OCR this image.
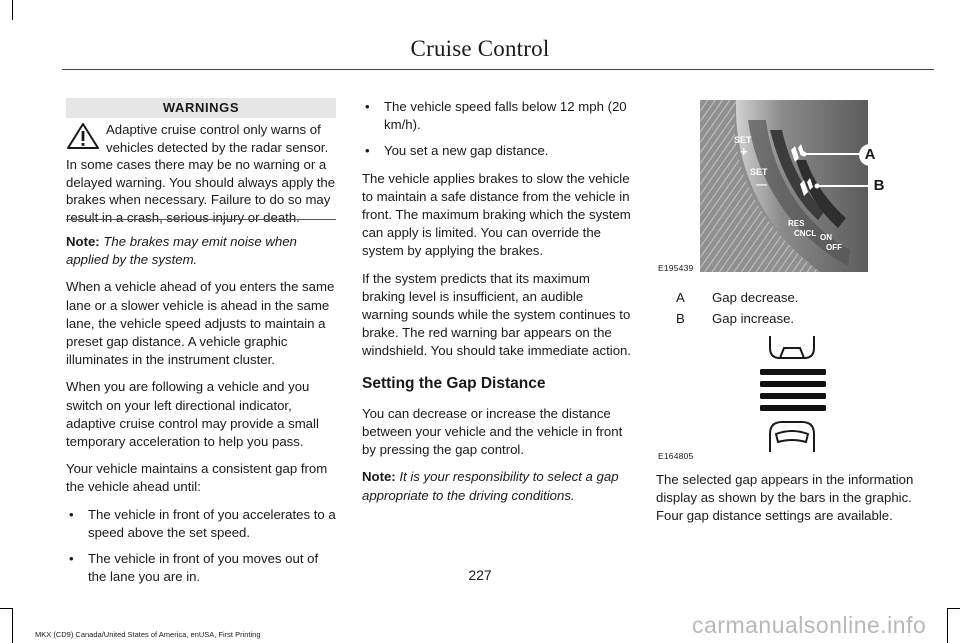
Cruise Control
WARNINGS
Adaptive cruise control only warns of vehicles detected by the radar sensor. In some cases there may be no warning or a delayed warning. You should always apply the brakes when necessary. Failure to do so may result in a crash, serious injury or death.

Note: The brakes may emit noise when applied by the system.

When a vehicle ahead of you enters the same lane or a slower vehicle is ahead in the same lane, the vehicle speed adjusts to maintain a preset gap distance. A vehicle graphic illuminates in the instrument cluster.

When you are following a vehicle and you switch on your left directional indicator, adaptive cruise control may provide a small temporary acceleration to help you pass.

Your vehicle maintains a consistent gap from the vehicle ahead until:

• The vehicle in front of you accelerates to a speed above the set speed.
• The vehicle in front of you moves out of the lane you are in.
• The vehicle speed falls below 12 mph (20 km/h).
• You set a new gap distance.

The vehicle applies brakes to slow the vehicle to maintain a safe distance from the vehicle in front. The maximum braking which the system can apply is limited. You can override the system by applying the brakes.

If the system predicts that its maximum braking level is insufficient, an audible warning sounds while the system continues to brake. The red warning bar appears on the windshield. You should take immediate action.

Setting the Gap Distance

You can decrease or increase the distance between your vehicle and the vehicle in front by pressing the gap control.

Note: It is your responsibility to select a gap appropriate to the driving conditions.

SET
+
SET
—
RES
CNCL ON
OFF
A
B
E195439
A Gap decrease.
B Gap increase.
E164805

The selected gap appears in the information display as shown by the bars in the graphic. Four gap distance settings are available.

227
MKX (CD9) Canada/United States of America, enUSA, First Printing	carmanualsonline.info
